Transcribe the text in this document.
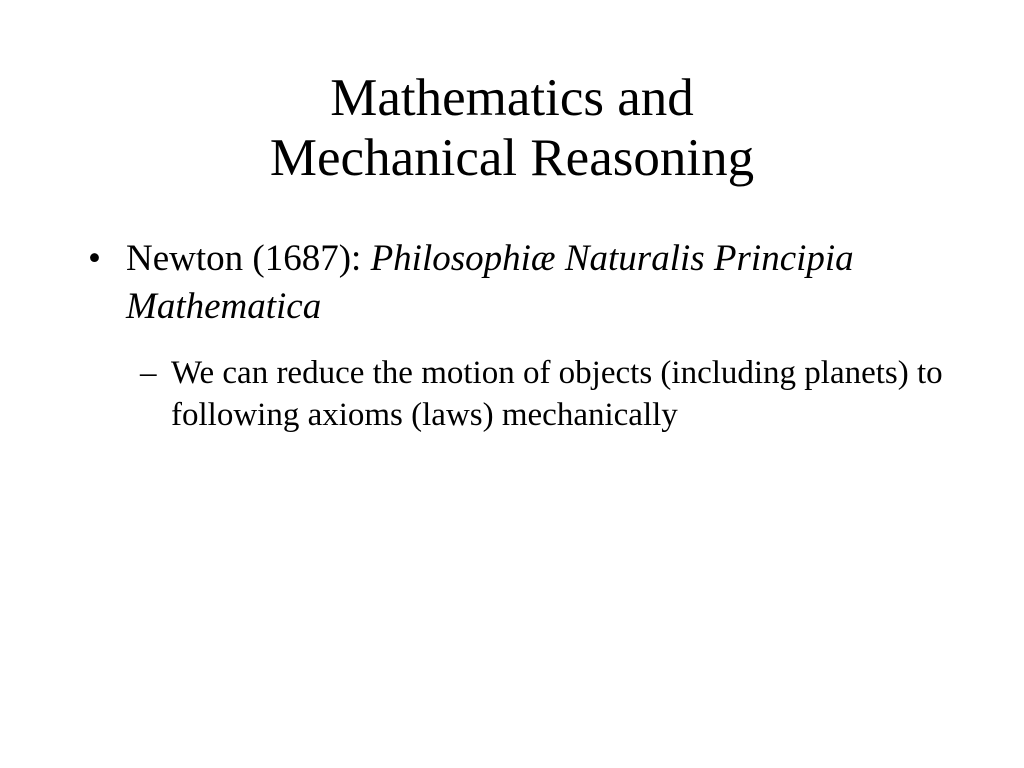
Mathematics and
Mechanical Reasoning
• Newton (1687): Philosophiæ Naturalis Principia Mathematica
– We can reduce the motion of objects (including planets) to following axioms (laws) mechanically
